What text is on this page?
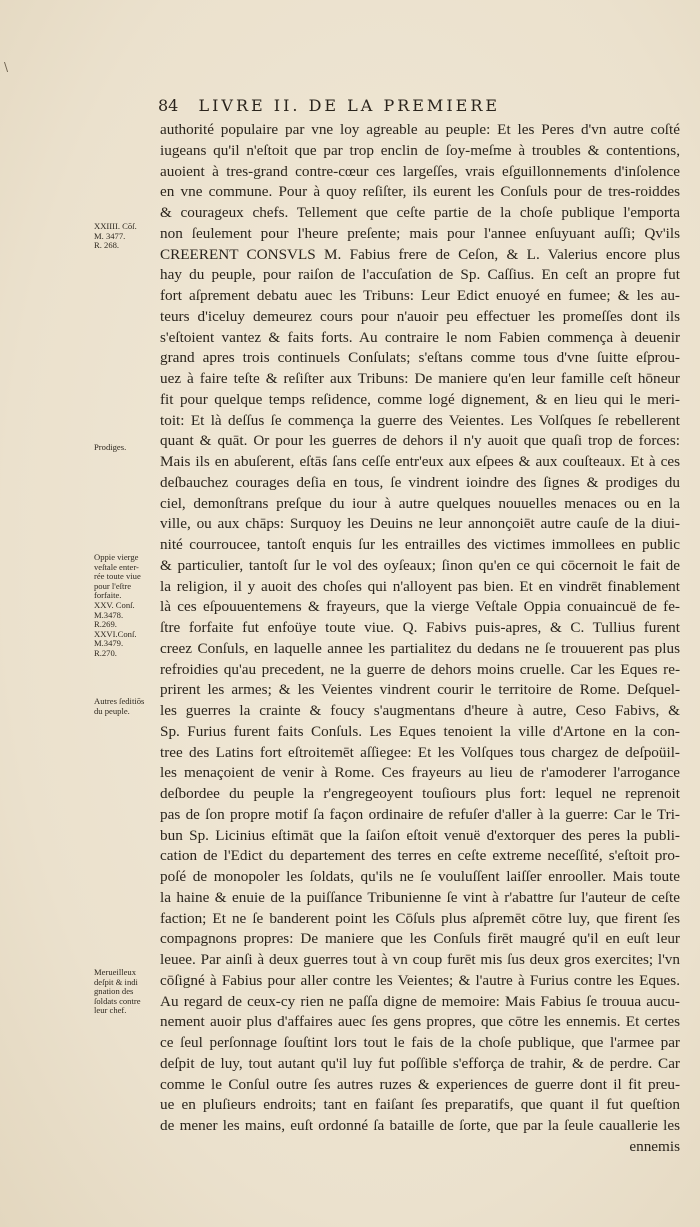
\
84 LIVRE II. DE LA PREMIERE
XXIIII. Cōſ.
M. 3477.
R. 268.
Prodiges.
Oppie vierge
veſtale enter-
rée toute viue
pour l'eſtre
forfaite.
XXV. Conſ.
M.3478.
R.269.
XXVI.Conſ.
M.3479.
R.270.
Autres ſeditiōs
du peuple.
Merueilleux
deſpit & indi
gnation des
ſoldats contre
leur chef.
authorité populaire par vne loy agreable au peuple: Et les Peres d'vn autre coſté
iugeans qu'il n'eſtoit que par trop enclin de ſoy-meſme à troubles & contentions,
auoient à tres-grand contre-cœur ces largeſſes, vrais eſguillonnements d'inſolence
en vne commune. Pour à quoy reſiſter, ils eurent les Conſuls pour de tres-roiddes
& courageux chefs. Tellement que ceſte partie de la choſe publique l'emporta
non ſeulement pour l'heure preſente; mais pour l'annee enſuyuant auſſi; Qv'ils
CREERENT CONSVLS M. Fabius frere de Ceſon, & L. Valerius encore plus
hay du peuple, pour raiſon de l'accuſation de Sp. Caſſius. En ceſt an propre fut
fort aſprement debatu auec les Tribuns: Leur Edict enuoyé en fumee; & les au-
teurs d'iceluy demeurez cours pour n'auoir peu effectuer les promeſſes dont ils
s'eſtoient vantez & faits forts. Au contraire le nom Fabien commença à deuenir
grand apres trois continuels Conſulats; s'eſtans comme tous d'vne ſuitte eſprou-
uez à faire teſte & reſiſter aux Tribuns: De maniere qu'en leur famille ceſt hōneur
fit pour quelque temps reſidence, comme logé dignement, & en lieu qui le meri-
toit: Et là deſſus ſe commença la guerre des Veientes. Les Volſques ſe rebellerent
quant & quāt. Or pour les guerres de dehors il n'y auoit que quaſi trop de forces:
Mais ils en abuſerent, eſtās ſans ceſſe entr'eux aux eſpees & aux couſteaux. Et à ces
deſbauchez courages deſia en tous, ſe vindrent ioindre des ſignes & prodiges du
ciel, demonſtrans preſque du iour à autre quelques nouuelles menaces ou en la
ville, ou aux chāps: Surquoy les Deuins ne leur annonçoiēt autre cauſe de la diui-
nité courroucee, tantoſt enquis ſur les entrailles des victimes immollees en public
& particulier, tantoſt ſur le vol des oyſeaux; ſinon qu'en ce qui cōcernoit le fait de
la religion, il y auoit des choſes qui n'alloyent pas bien. Et en vindrēt finablement
là ces eſpouuentemens & frayeurs, que la vierge Veſtale Oppia conuaincuë de fe-
ſtre forfaite fut enfoüye toute viue. Q. Fabivs puis-apres, & C. Tullius furent
creez Conſuls, en laquelle annee les partialitez du dedans ne ſe trouuerent pas plus
refroidies qu'au precedent, ne la guerre de dehors moins cruelle. Car les Eques re-
prirent les armes; & les Veientes vindrent courir le territoire de Rome. Deſquel-
les guerres la crainte & foucy s'augmentans d'heure à autre, Ceso Fabivs, &
Sp. Furius furent faits Conſuls. Les Eques tenoient la ville d'Artone en la con-
tree des Latins fort eſtroitemēt aſſiegee: Et les Volſques tous chargez de deſpoüil-
les menaçoient de venir à Rome. Ces frayeurs au lieu de r'amoderer l'arrogance
deſbordee du peuple la r'engregeoyent touſiours plus fort: lequel ne reprenoit
pas de ſon propre motif ſa façon ordinaire de refuſer d'aller à la guerre: Car le Tri-
bun Sp. Licinius eſtimāt que la ſaiſon eſtoit venuë d'extorquer des peres la publi-
cation de l'Edict du departement des terres en ceſte extreme neceſſité, s'eſtoit pro-
poſé de monopoler les ſoldats, qu'ils ne ſe vouluſſent laiſſer enrooller. Mais toute
la haine & enuie de la puiſſance Tribunienne ſe vint à r'abattre ſur l'auteur de ceſte
faction; Et ne ſe banderent point les Cōſuls plus aſpremēt cōtre luy, que firent ſes
compagnons propres: De maniere que les Conſuls firēt maugré qu'il en euſt leur
leuee. Par ainſi à deux guerres tout à vn coup furēt mis ſus deux gros exercites; l'vn
cōſigné à Fabius pour aller contre les Veientes; & l'autre à Furius contre les Eques.
Au regard de ceux-cy rien ne paſſa digne de memoire: Mais Fabius ſe trouua aucu-
nement auoir plus d'affaires auec ſes gens propres, que cōtre les ennemis. Et certes
ce ſeul perſonnage ſouſtint lors tout le fais de la choſe publique, que l'armee par
deſpit de luy, tout autant qu'il luy fut poſſible s'efforça de trahir, & de perdre. Car
comme le Conſul outre ſes autres ruzes & experiences de guerre dont il fit preu-
ue en pluſieurs endroits; tant en faiſant ſes preparatifs, que quant il fut queſtion
de mener les mains, euſt ordonné ſa bataille de ſorte, que par la ſeule cauallerie les
ennemis
